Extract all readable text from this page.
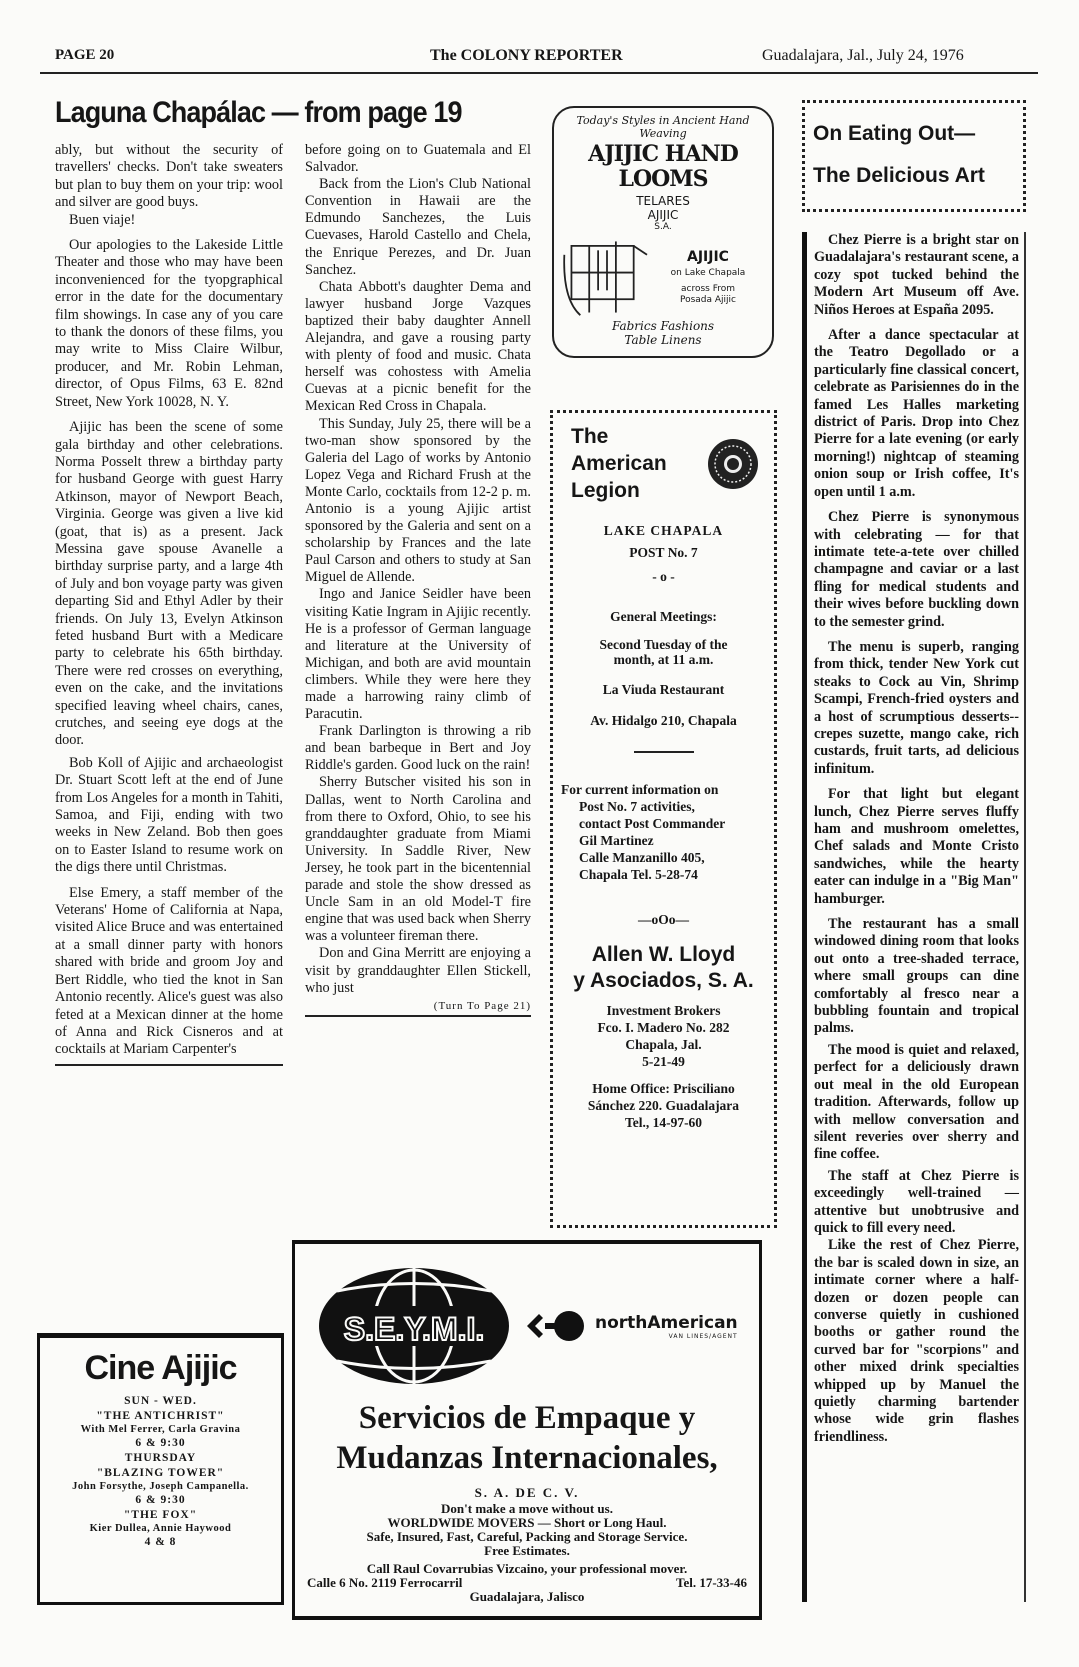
PAGE 20	The COLONY REPORTER	Guadalajara, Jal., July 24, 1976
Laguna Chapálac — from page 19

ably, but without the security of travellers' checks. Don't take sweaters but plan to buy them on your trip: wool and silver are good buys.

Buen viaje!

Our apologies to the Lakeside Little Theater and those who may have been inconvenienced for the tyopgraphical error in the date for the documentary film showings. In case any of you care to thank the donors of these films, you may write to Miss Claire Wilbur, producer, and Mr. Robin Lehman, director, of Opus Films, 63 E. 82nd Street, New York 10028, N. Y.

Ajijic has been the scene of some gala birthday and other celebrations. Norma Posselt threw a birthday party for husband George with guest Harry Atkinson, mayor of Newport Beach, Virginia. George was given a live kid (goat, that is) as a present. Jack Messina gave spouse Avanelle a birthday surprise party, and a large 4th of July and bon voyage party was given departing Sid and Ethyl Adler by their friends. On July 13, Evelyn Atkinson feted husband Burt with a Medicare party to celebrate his 65th birthday. There were red crosses on everything, even on the cake, and the invitations specified leaving wheel chairs, canes, crutches, and seeing eye dogs at the door.

Bob Koll of Ajijic and archaeologist Dr. Stuart Scott left at the end of June from Los Angeles for a month in Tahiti, Samoa, and Fiji, ending with two weeks in New Zeland. Bob then goes on to Easter Island to resume work on the digs there until Christmas.

Else Emery, a staff member of the Veterans' Home of California at Napa, visited Alice Bruce and was entertained at a small dinner party with honors shared with bride and groom Joy and Bert Riddle, who tied the knot in San Antonio recently. Alice's guest was also feted at a Mexican dinner at the home of Anna and Rick Cisneros and at cocktails at Mariam Carpenter's

Cine Ajijic
SUN - WED.
"THE ANTICHRIST"
With Mel Ferrer, Carla Gravina
6 & 9:30
THURSDAY
"BLAZING TOWER"
John Forsythe, Joseph Campanella.
6 & 9:30
"THE FOX"
Kier Dullea, Annie Haywood
4 & 8

before going on to Guatemala and El Salvador.

Back from the Lion's Club National Convention in Hawaii are the Edmundo Sanchezes, the Luis Cuevases, Harold Castello and Chela, the Enrique Perezes, and Dr. Juan Sanchez.

Chata Abbott's daughter Dema and lawyer husband Jorge Vazques baptized their baby daughter Annell Alejandra, and gave a rousing party with plenty of food and music. Chata herself was cohostess with Amelia Cuevas at a picnic benefit for the Mexican Red Cross in Chapala.

This Sunday, July 25, there will be a two-man show sponsored by the Galeria del Lago of works by Antonio Lopez Vega and Richard Frush at the Monte Carlo, cocktails from 12-2 p. m. Antonio is a young Ajijic artist sponsored by the Galeria and sent on a scholarship by Frances and the late Paul Carson and others to study at San Miguel de Allende.

Ingo and Janice Seidler have been visiting Katie Ingram in Ajijic recently. He is a professor of German language and literature at the University of Michigan, and both are avid mountain climbers. While they were here they made a harrowing rainy climb of Paracutin.

Frank Darlington is throwing a rib and bean barbeque in Bert and Joy Riddle's garden. Good luck on the rain!

Sherry Butscher visited his son in Dallas, went to North Carolina and from there to Oxford, Ohio, to see his granddaughter graduate from Miami University. In Saddle River, New Jersey, he took part in the bicentennial parade and stole the show dressed as Uncle Sam in an old Model-T fire engine that was used back when Sherry was a volunteer fireman there.

Don and Gina Merritt are enjoying a visit by granddaughter Ellen Stickell, who just

(Turn To Page 21)
Today's Styles in Ancient Hand Weaving
AJIJIC HAND LOOMS
TELARES
AJIJIC
S.A.
AJIJIC
on Lake Chapala
across From
Posada Ajijic
Fabrics Fashions
Table Linens
The
American
Legion
LAKE CHAPALA
POST No. 7
- o -
General Meetings:
Second Tuesday of the
month, at 11 a.m.
La Viuda Restaurant
Av. Hidalgo 210, Chapala
For current information on
Post No. 7 activities,
contact Post Commander
Gil Martinez
Calle Manzanillo 405,
Chapala Tel. 5-28-74
—oOo—
Allen W. Lloyd
y Asociados, S. A.
Investment Brokers
Fco. I. Madero No. 282
Chapala, Jal.
5-21-49
Home Office: Prisciliano
Sánchez 220. Guadalajara
Tel., 14-97-60
On Eating Out—
The Delicious Art

Chez Pierre is a bright star on Guadalajara's restaurant scene, a cozy spot tucked behind the Modern Art Museum off Ave. Niños Heroes at España 2095.

After a dance spectacular at the Teatro Degollado or a particularly fine classical concert, celebrate as Parisiennes do in the famed Les Halles marketing district of Paris. Drop into Chez Pierre for a late evening (or early morning!) nightcap of steaming onion soup or Irish coffee, It's open until 1 a.m.

Chez Pierre is synonymous with celebrating — for that intimate tete-a-tete over chilled champagne and caviar or a last fling for medical students and their wives before buckling down to the semester grind.

The menu is superb, ranging from thick, tender New York cut steaks to Cock au Vin, Shrimp Scampi, French-fried oysters and a host of scrumptious desserts--crepes suzette, mango cake, rich custards, fruit tarts, ad delicious infinitum.

For that light but elegant lunch, Chez Pierre serves fluffy ham and mushroom omelettes, Chef salads and Monte Cristo sandwiches, while the hearty eater can indulge in a "Big Man" hamburger.

The restaurant has a small windowed dining room that looks out onto a tree-shaded terrace, where small groups can dine comfortably al fresco near a bubbling fountain and tropical palms.

The mood is quiet and relaxed, perfect for a deliciously drawn out meal in the old European tradition. Afterwards, follow up with mellow conversation and silent reveries over sherry and fine coffee.

The staff at Chez Pierre is exceedingly well-trained — attentive but unobtrusive and quick to fill every need.

Like the rest of Chez Pierre, the bar is scaled down in size, an intimate corner where a half-dozen or dozen people can converse quietly in cushioned booths or gather round the curved bar for "scorpions" and other mixed drink specialties whipped up by Manuel the quietly charming bartender whose wide grin flashes friendliness.

S.E.Y.M.I.	northAmerican
VAN LINES/AGENT
Servicios de Empaque y
Mudanzas Internacionales,
S. A. DE C. V.
Don't make a move without us.
WORLDWIDE MOVERS — Short or Long Haul.
Safe, Insured, Fast, Careful, Packing and Storage Service.
Free Estimates.
Call Raul Covarrubias Vizcaino, your professional mover.
Calle 6 No. 2119 Ferrocarril	Tel. 17-33-46
Guadalajara, Jalisco
